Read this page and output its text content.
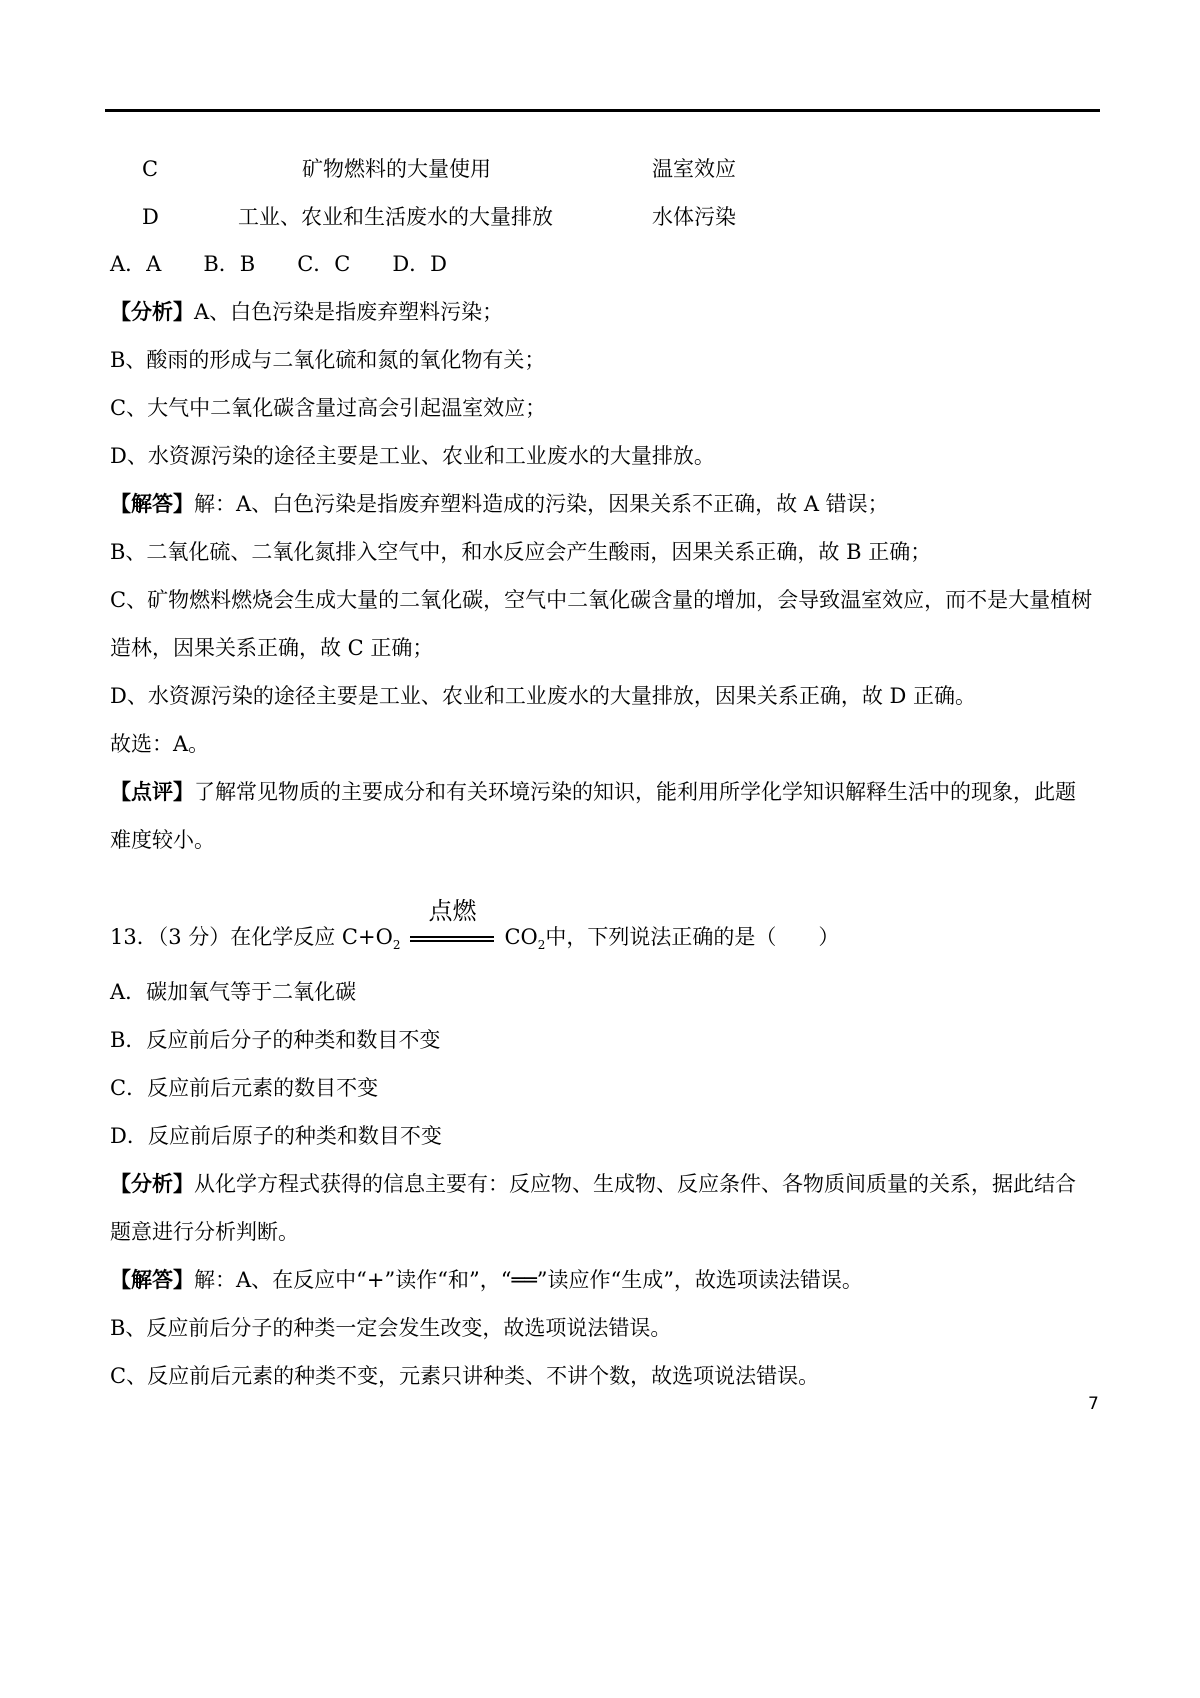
C	矿物燃料的大量使用	温室效应
D	工业、农业和生活废水的大量排放	水体污染
A．A　　B．B　　C．C　　D．D
【分析】A、白色污染是指废弃塑料污染；
B、酸雨的形成与二氧化硫和氮的氧化物有关；
C、大气中二氧化碳含量过高会引起温室效应；
D、水资源污染的途径主要是工业、农业和工业废水的大量排放。
【解答】解：A、白色污染是指废弃塑料造成的污染，因果关系不正确，故 A 错误；
B、二氧化硫、二氧化氮排入空气中，和水反应会产生酸雨，因果关系正确，故 B 正确；
C、矿物燃料燃烧会生成大量的二氧化碳，空气中二氧化碳含量的增加，会导致温室效应，而不是大量植树
造林，因果关系正确，故 C 正确；
D、水资源污染的途径主要是工业、农业和工业废水的大量排放，因果关系正确，故 D 正确。
故选：A。
【点评】了解常见物质的主要成分和有关环境污染的知识，能利用所学化学知识解释生活中的现象，此题
难度较小。
13．（3 分）在化学反应 $C+O_2$
点燃
$CO_2$中，下列说法正确的是（　　）
A．碳加氧气等于二氧化碳
B．反应前后分子的种类和数目不变
C．反应前后元素的数目不变
D．反应前后原子的种类和数目不变
【分析】从化学方程式获得的信息主要有：反应物、生成物、反应条件、各物质间质量的关系，据此结合
题意进行分析判断。
【解答】解：A、在反应中“+”读作“和”，“══”读应作“生成”，故选项读法错误。
B、反应前后分子的种类一定会发生改变，故选项说法错误。
C、反应前后元素的种类不变，元素只讲种类、不讲个数，故选项说法错误。
7
